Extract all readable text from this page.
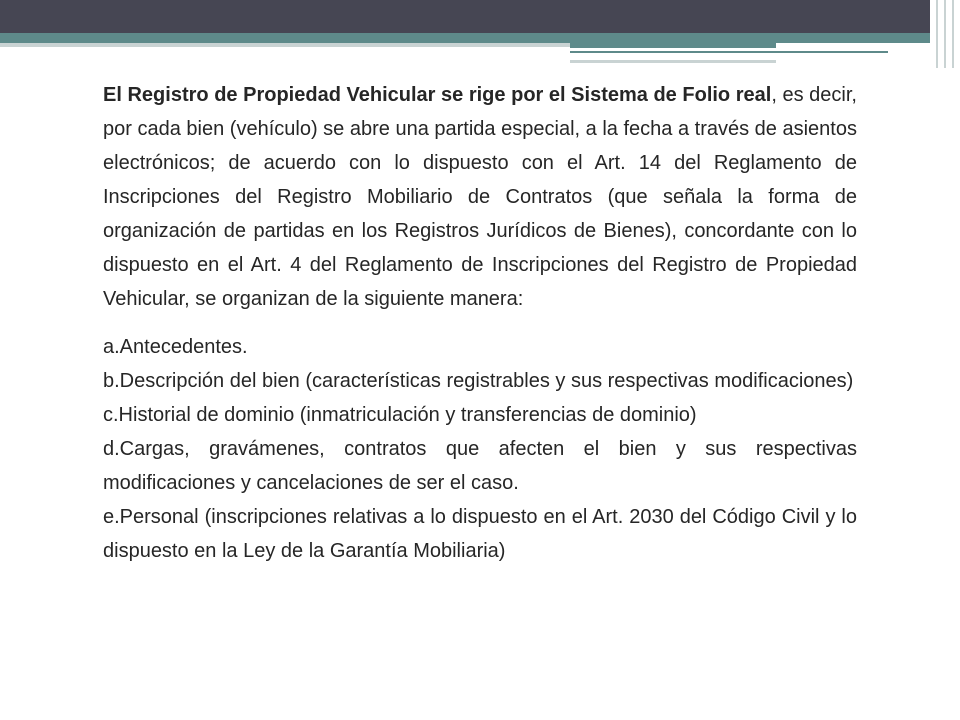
El Registro de Propiedad Vehicular se rige por el Sistema de Folio real, es decir, por cada bien (vehículo) se abre una partida especial, a la fecha a través de asientos electrónicos; de acuerdo con lo dispuesto con el Art. 14 del Reglamento de Inscripciones del Registro Mobiliario de Contratos (que señala la forma de organización de partidas en los Registros Jurídicos de Bienes), concordante con lo dispuesto en el Art. 4 del Reglamento de Inscripciones del Registro de Propiedad Vehicular, se organizan de la siguiente manera:

a.Antecedentes.

b.Descripción del bien (características registrables y sus respectivas modificaciones)

c.Historial de dominio (inmatriculación y transferencias de dominio)

d.Cargas, gravámenes, contratos que afecten el bien y sus respectivas modificaciones y cancelaciones de ser el caso.

e.Personal (inscripciones relativas a lo dispuesto en el Art. 2030 del Código Civil y lo dispuesto en la Ley de la Garantía Mobiliaria)
